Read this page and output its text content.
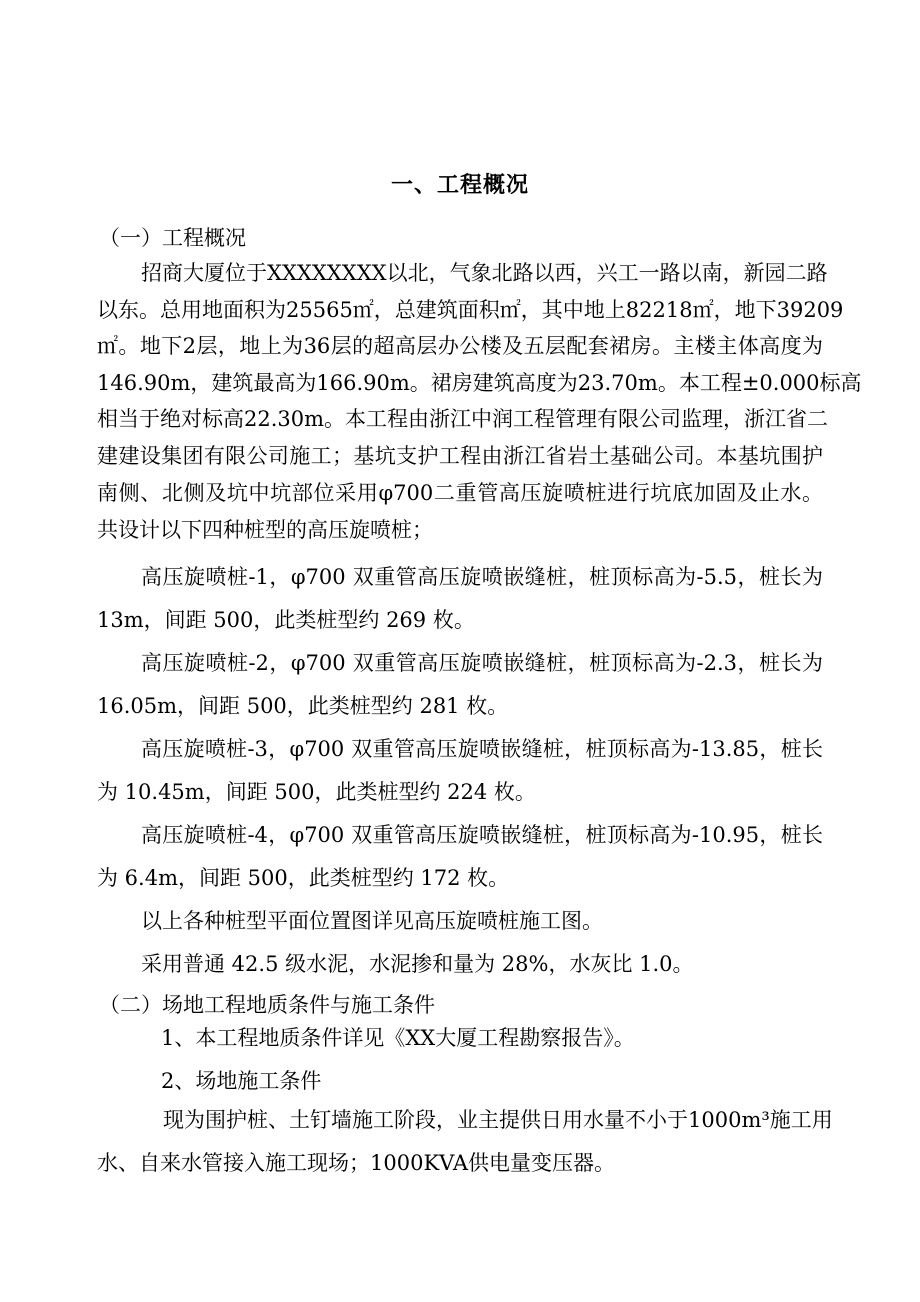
一、工程概况
（一）工程概况
招商大厦位于XXXXXXXX以北，气象北路以西，兴工一路以南，新园二路
以东。总用地面积为25565㎡，总建筑面积㎡，其中地上82218㎡，地下39209
㎡。地下2层，地上为36层的超高层办公楼及五层配套裙房。主楼主体高度为
146.90m，建筑最高为166.90m。裙房建筑高度为23.70m。本工程±0.000标高
相当于绝对标高22.30m。本工程由浙江中润工程管理有限公司监理，浙江省二
建建设集团有限公司施工；基坑支护工程由浙江省岩土基础公司。本基坑围护
南侧、北侧及坑中坑部位采用φ700二重管高压旋喷桩进行坑底加固及止水。
共设计以下四种桩型的高压旋喷桩；
高压旋喷桩-1，φ700 双重管高压旋喷嵌缝桩，桩顶标高为-5.5，桩长为
13m，间距 500，此类桩型约 269 枚。
高压旋喷桩-2，φ700 双重管高压旋喷嵌缝桩，桩顶标高为-2.3，桩长为
16.05m，间距 500，此类桩型约 281 枚。
高压旋喷桩-3，φ700 双重管高压旋喷嵌缝桩，桩顶标高为-13.85，桩长
为 10.45m，间距 500，此类桩型约 224 枚。
高压旋喷桩-4，φ700 双重管高压旋喷嵌缝桩，桩顶标高为-10.95，桩长
为 6.4m，间距 500，此类桩型约 172 枚。
以上各种桩型平面位置图详见高压旋喷桩施工图。
采用普通 42.5 级水泥，水泥掺和量为 28%，水灰比 1.0。
（二）场地工程地质条件与施工条件
1、本工程地质条件详见《XX大厦工程勘察报告》。
2、场地施工条件
现为围护桩、土钉墙施工阶段，业主提供日用水量不小于1000m³施工用
水、自来水管接入施工现场；1000KVA供电量变压器。
